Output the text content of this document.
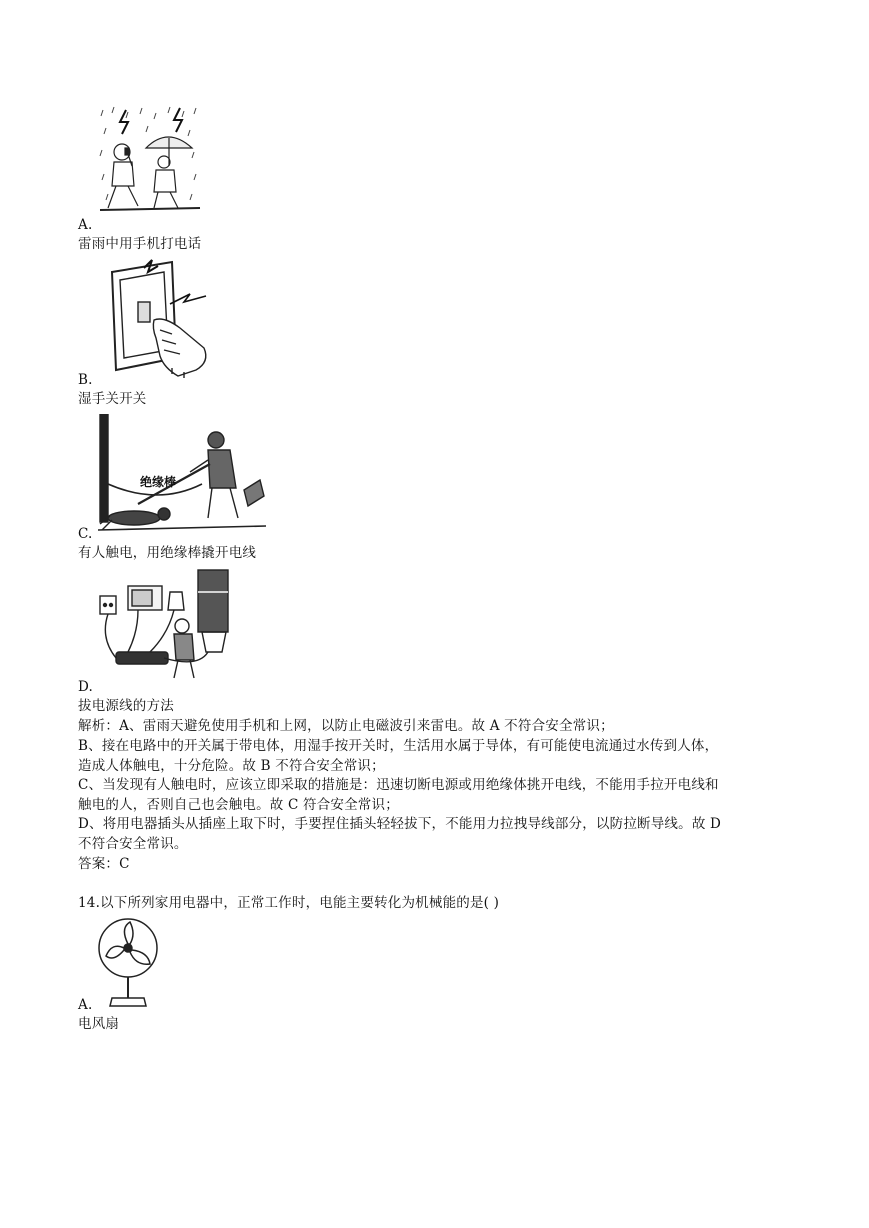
A.
雷雨中用手机打电话
B.
湿手关开关
绝缘棒
C.
有人触电，用绝缘棒撬开电线
D.
拔电源线的方法
解析：A、雷雨天避免使用手机和上网，以防止电磁波引来雷电。故 A 不符合安全常识；
B、接在电路中的开关属于带电体，用湿手按开关时，生活用水属于导体，有可能使电流通过水传到人体，
造成人体触电，十分危险。故 B 不符合安全常识；
C、当发现有人触电时，应该立即采取的措施是：迅速切断电源或用绝缘体挑开电线，不能用手拉开电线和
触电的人，否则自己也会触电。故 C 符合安全常识；
D、将用电器插头从插座上取下时，手要捏住插头轻轻拔下，不能用力拉拽导线部分，以防拉断导线。故 D
不符合安全常识。
答案：C
14.以下所列家用电器中，正常工作时，电能主要转化为机械能的是( )
A.
电风扇
